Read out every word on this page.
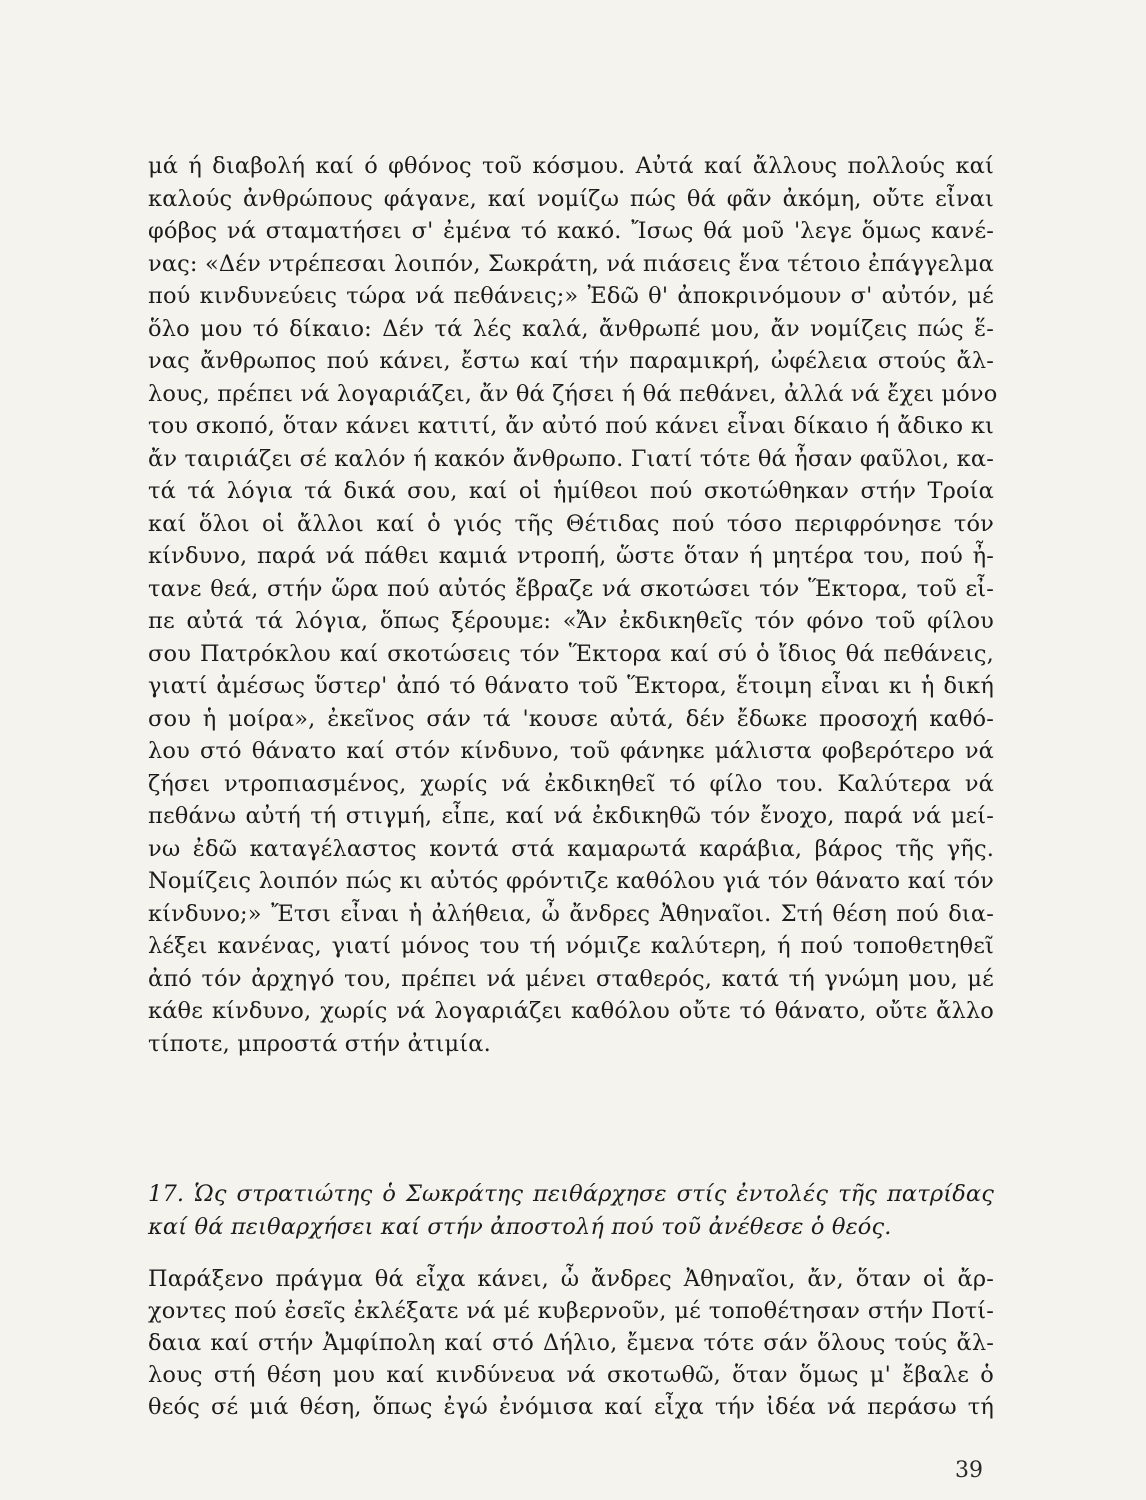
μά ή διαβολή καί ό φθόνος τοῦ κόσμου. Αὐτά καί ἄλλους πολλούς καί
καλούς ἀνθρώπους φάγανε, καί νομίζω πώς θά φᾶν ἀκόμη, οὔτε εἶναι
φόβος νά σταματήσει σ' ἐμένα τό κακό. Ἴσως θά μοῦ 'λεγε ὅμως κανέ-
νας: «Δέν ντρέπεσαι λοιπόν, Σωκράτη, νά πιάσεις ἕνα τέτοιο ἐπάγγελμα
πού κινδυνεύεις τώρα νά πεθάνεις;» Ἐδῶ θ' ἀποκρινόμουν σ' αὐτόν, μέ
ὅλο μου τό δίκαιο: Δέν τά λές καλά, ἄνθρωπέ μου, ἄν νομίζεις πώς ἕ-
νας ἄνθρωπος πού κάνει, ἔστω καί τήν παραμικρή, ὠφέλεια στούς ἄλ-
λους, πρέπει νά λογαριάζει, ἄν θά ζήσει ή θά πεθάνει, ἀλλά νά ἔχει μόνο
του σκοπό, ὅταν κάνει κατιτί, ἄν αὐτό πού κάνει εἶναι δίκαιο ή ἄδικο κι
ἄν ταιριάζει σέ καλόν ή κακόν ἄνθρωπο. Γιατί τότε θά ἦσαν φαῦλοι, κα-
τά τά λόγια τά δικά σου, καί οἱ ἡμίθεοι πού σκοτώθηκαν στήν Τροία
καί ὅλοι οἱ ἄλλοι καί ὁ γιός τῆς Θέτιδας πού τόσο περιφρόνησε τόν
κίνδυνο, παρά νά πάθει καμιά ντροπή, ὥστε ὅταν ή μητέρα του, πού ἦ-
τανε θεά, στήν ὥρα πού αὐτός ἔβραζε νά σκοτώσει τόν Ἕκτορα, τοῦ εἶ-
πε αὐτά τά λόγια, ὅπως ξέρουμε: «Ἄν ἐκδικηθεῖς τόν φόνο τοῦ φίλου
σου Πατρόκλου καί σκοτώσεις τόν Ἕκτορα καί σύ ὁ ἴδιος θά πεθάνεις,
γιατί ἀμέσως ὕστερ' ἀπό τό θάνατο τοῦ Ἕκτορα, ἕτοιμη εἶναι κι ἡ δική
σου ἡ μοίρα», ἐκεῖνος σάν τά 'κουσε αὐτά, δέν ἔδωκε προσοχή καθό-
λου στό θάνατο καί στόν κίνδυνο, τοῦ φάνηκε μάλιστα φοβερότερο νά
ζήσει ντροπιασμένος, χωρίς νά ἐκδικηθεῖ τό φίλο του. Καλύτερα νά
πεθάνω αὐτή τή στιγμή, εἶπε, καί νά ἐκδικηθῶ τόν ἔνοχο, παρά νά μεί-
νω ἐδῶ καταγέλαστος κοντά στά καμαρωτά καράβια, βάρος τῆς γῆς.
Νομίζεις λοιπόν πώς κι αὐτός φρόντιζε καθόλου γιά τόν θάνατο καί τόν
κίνδυνο;» Ἔτσι εἶναι ἡ ἀλήθεια, ὦ ἄνδρες Ἀθηναῖοι. Στή θέση πού δια-
λέξει κανένας, γιατί μόνος του τή νόμιζε καλύτερη, ή πού τοποθετηθεῖ
ἀπό τόν ἀρχηγό του, πρέπει νά μένει σταθερός, κατά τή γνώμη μου, μέ
κάθε κίνδυνο, χωρίς νά λογαριάζει καθόλου οὔτε τό θάνατο, οὔτε ἄλλο
τίποτε, μπροστά στήν ἀτιμία.
17. Ὡς στρατιώτης ὁ Σωκράτης πειθάρχησε στίς ἐντολές τῆς πατρίδας
καί θά πειθαρχήσει καί στήν ἀποστολή πού τοῦ ἀνέθεσε ὁ θεός.
Παράξενο πράγμα θά εἶχα κάνει, ὦ ἄνδρες Ἀθηναῖοι, ἄν, ὅταν οἱ ἄρ-
χοντες πού ἐσεῖς ἐκλέξατε νά μέ κυβερνοῦν, μέ τοποθέτησαν στήν Ποτί-
δαια καί στήν Ἀμφίπολη καί στό Δήλιο, ἔμενα τότε σάν ὅλους τούς ἄλ-
λους στή θέση μου καί κινδύνευα νά σκοτωθῶ, ὅταν ὅμως μ' ἔβαλε ὁ
θεός σέ μιά θέση, ὅπως ἐγώ ἐνόμισα καί εἶχα τήν ἰδέα νά περάσω τή
39
